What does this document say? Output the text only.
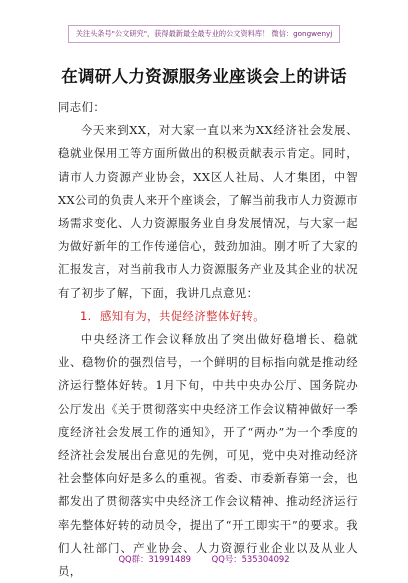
关注头条号"公文研究"，获得最新最全最专业的公文资料库！ 微信：gongwenyj
在调研人力资源服务业座谈会上的讲话

同志们：

今天来到XX，对大家一直以来为XX经济社会发展、稳就业保用工等方面所做出的积极贡献表示肯定。同时，请市人力资源产业协会，XX区人社局、人才集团，中智XX公司的负责人来开个座谈会，了解当前我市人力资源市场需求变化、人力资源服务业自身发展情况，与大家一起为做好新年的工作传递信心，鼓劲加油。刚才听了大家的汇报发言，对当前我市人力资源服务产业及其企业的状况有了初步了解，下面，我讲几点意见：

1. 感知有为，共促经济整体好转。

中央经济工作会议释放出了突出做好稳增长、稳就业、稳物价的强烈信号，一个鲜明的目标指向就是推动经济运行整体好转。1月下旬，中共中央办公厅、国务院办公厅发出《关于贯彻落实中央经济工作会议精神做好一季度经济社会发展工作的通知》，开了“两办”为一个季度的经济社会发展出台意见的先例，可见，党中央对推动经济社会整体向好是多么的重视。省委、市委新春第一会，也都发出了贯彻落实中央经济工作会议精神、推动经济运行率先整体好转的动员令，提出了“开工即实干”的要求。我们人社部门、产业协会、人力资源行业企业以及从业人员，

QQ群：31991489 QQ号：535304092
